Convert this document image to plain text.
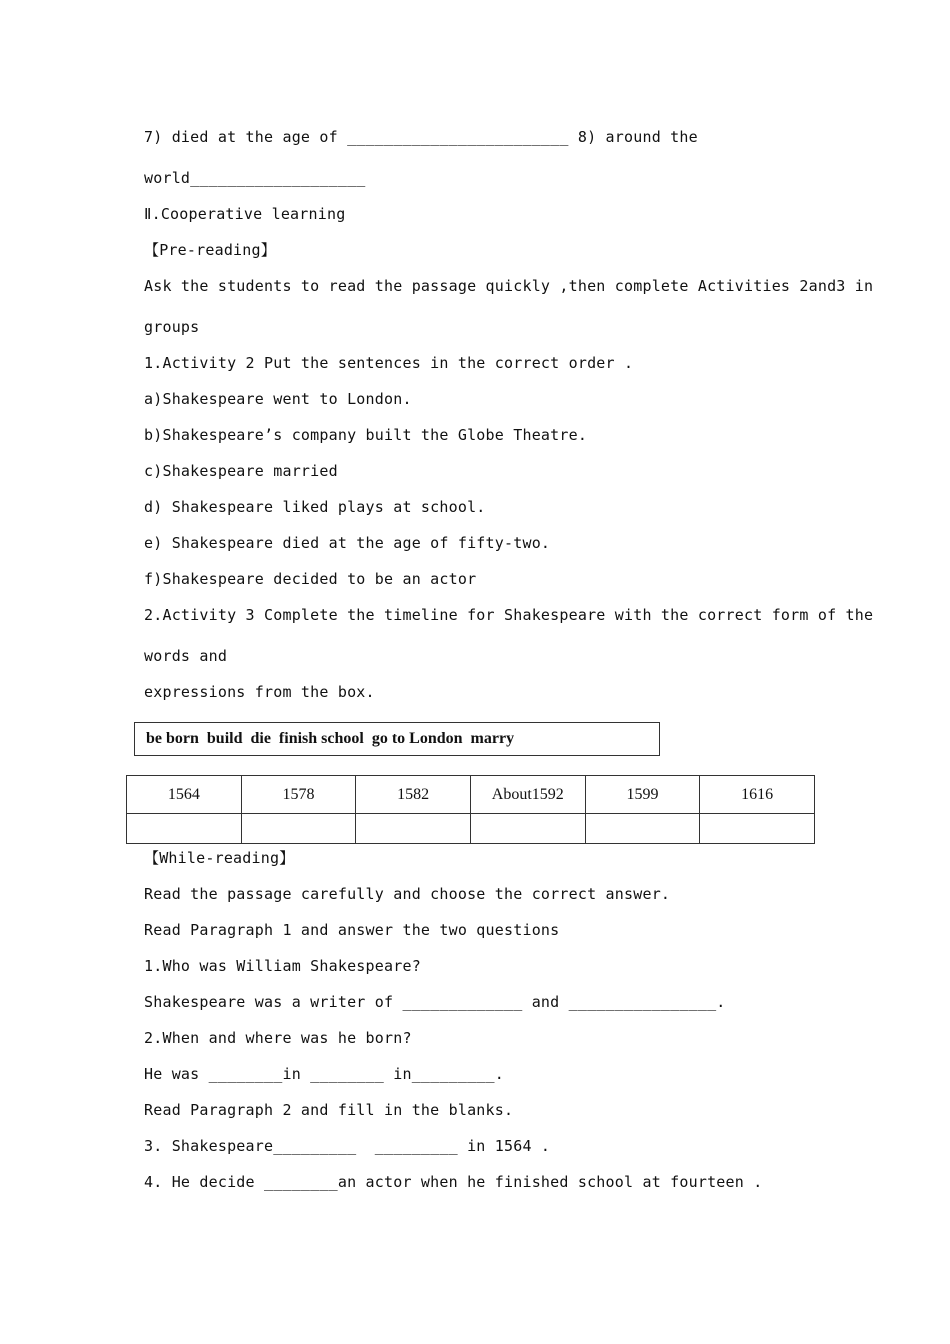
7) died at the age of ________________________ 8) around the
world___________________
Ⅱ.Cooperative learning
【Pre-reading】
Ask the students to read the passage quickly ,then complete Activities 2and3 in
groups
1.Activity 2 Put the sentences in the correct order .
a)Shakespeare went to London.
b)Shakespeare’s company built the Globe Theatre.
c)Shakespeare married
d) Shakespeare liked plays at school.
e) Shakespeare died at the age of fifty-two.
f)Shakespeare decided to be an actor
2.Activity 3 Complete the timeline for Shakespeare with the correct form of the
words and
expressions from the box.
be born  build  die  finish school  go to London  marry
1564	1578	1582	About1592	1599	1616

【While-reading】
Read the passage carefully and choose the correct answer.
Read Paragraph 1 and answer the two questions
1.Who was William Shakespeare?
Shakespeare was a writer of _____________ and ________________.
2.When and where was he born?
He was ________in ________ in_________.
Read Paragraph 2 and fill in the blanks.
3. Shakespeare_________  _________ in 1564 .
4. He decide ________an actor when he finished school at fourteen .
